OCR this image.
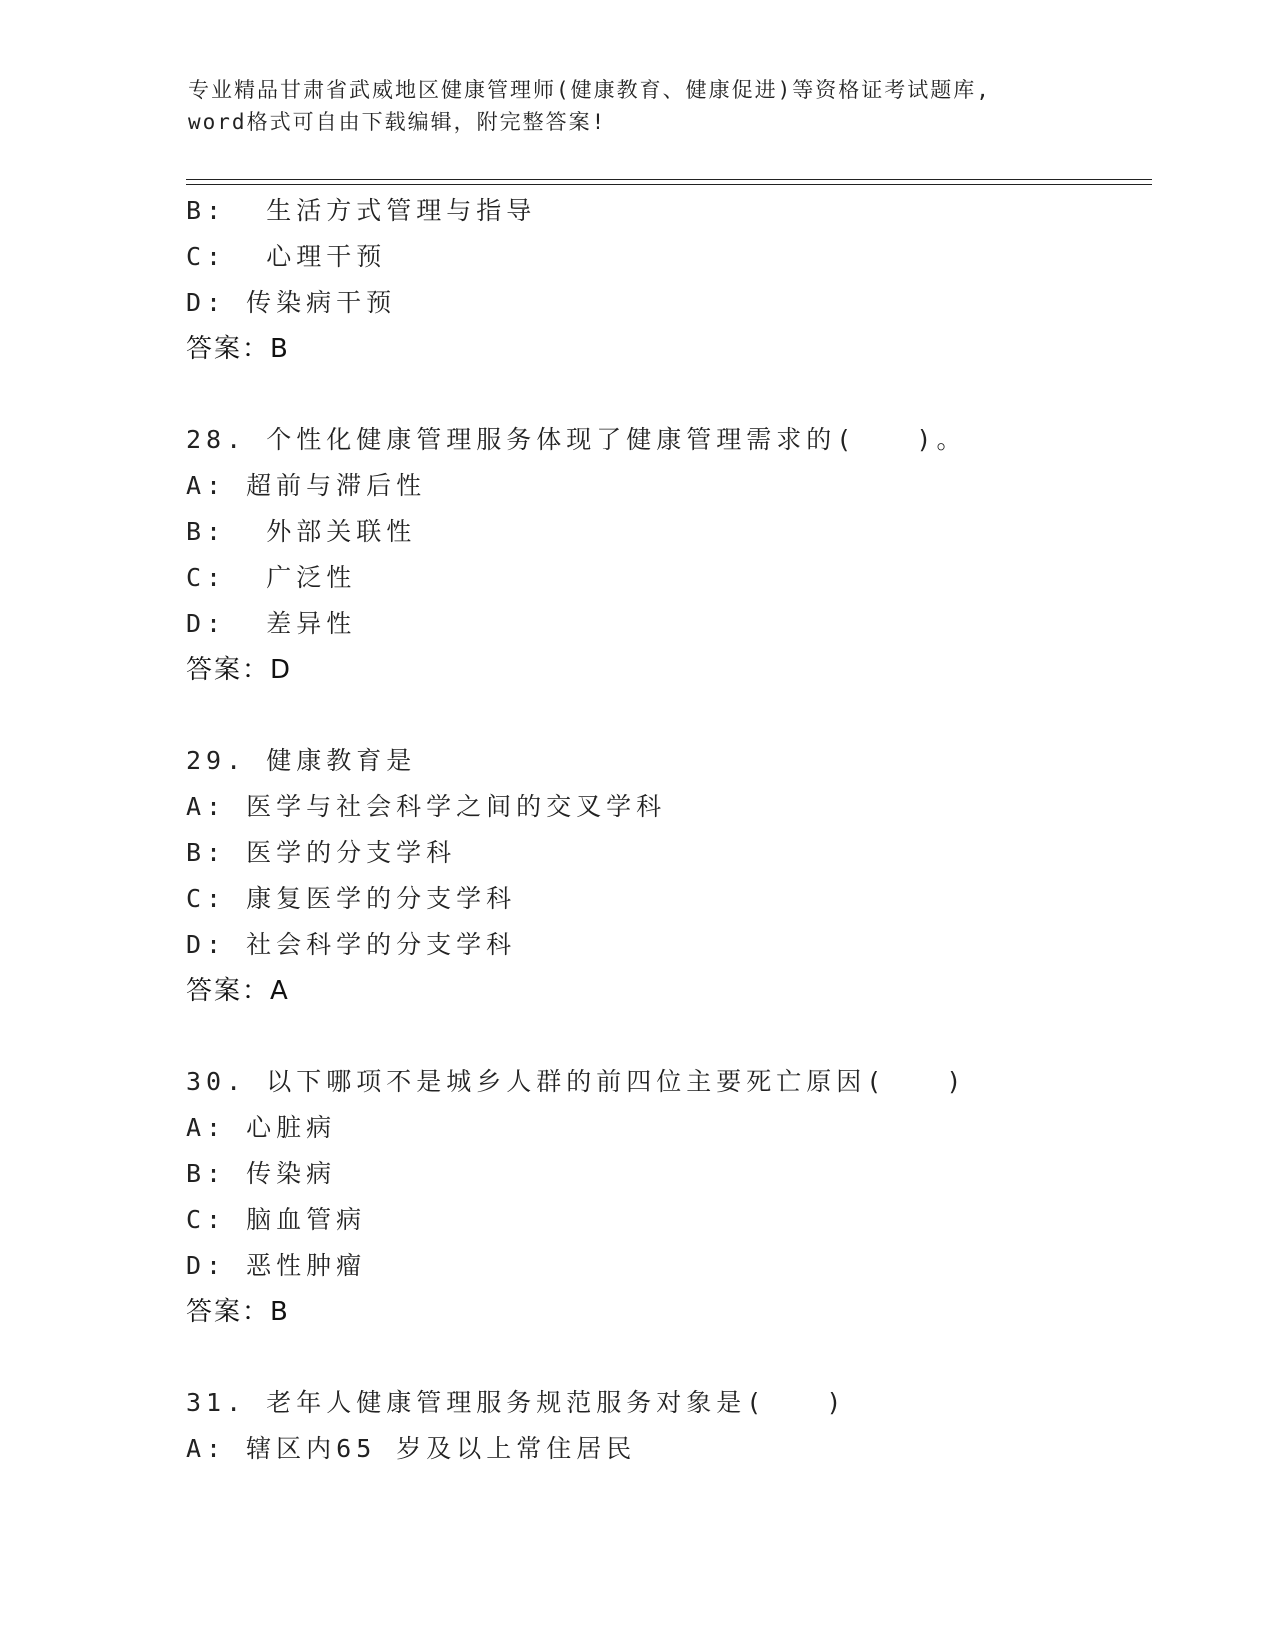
专业精品甘肃省武威地区健康管理师(健康教育、健康促进)等资格证考试题库,
word格式可自由下载编辑，附完整答案!
B:  生活方式管理与指导
C:  心理干预
D: 传染病干预
答案：B
28. 个性化健康管理服务体现了健康管理需求的(   )。
A: 超前与滞后性
B:  外部关联性
C:  广泛性
D:  差异性
答案：D
29. 健康教育是
A: 医学与社会科学之间的交叉学科
B: 医学的分支学科
C: 康复医学的分支学科
D: 社会科学的分支学科
答案：A
30. 以下哪项不是城乡人群的前四位主要死亡原因(   )
A: 心脏病
B: 传染病
C: 脑血管病
D: 恶性肿瘤
答案：B
31. 老年人健康管理服务规范服务对象是(   )
A: 辖区内65 岁及以上常住居民
